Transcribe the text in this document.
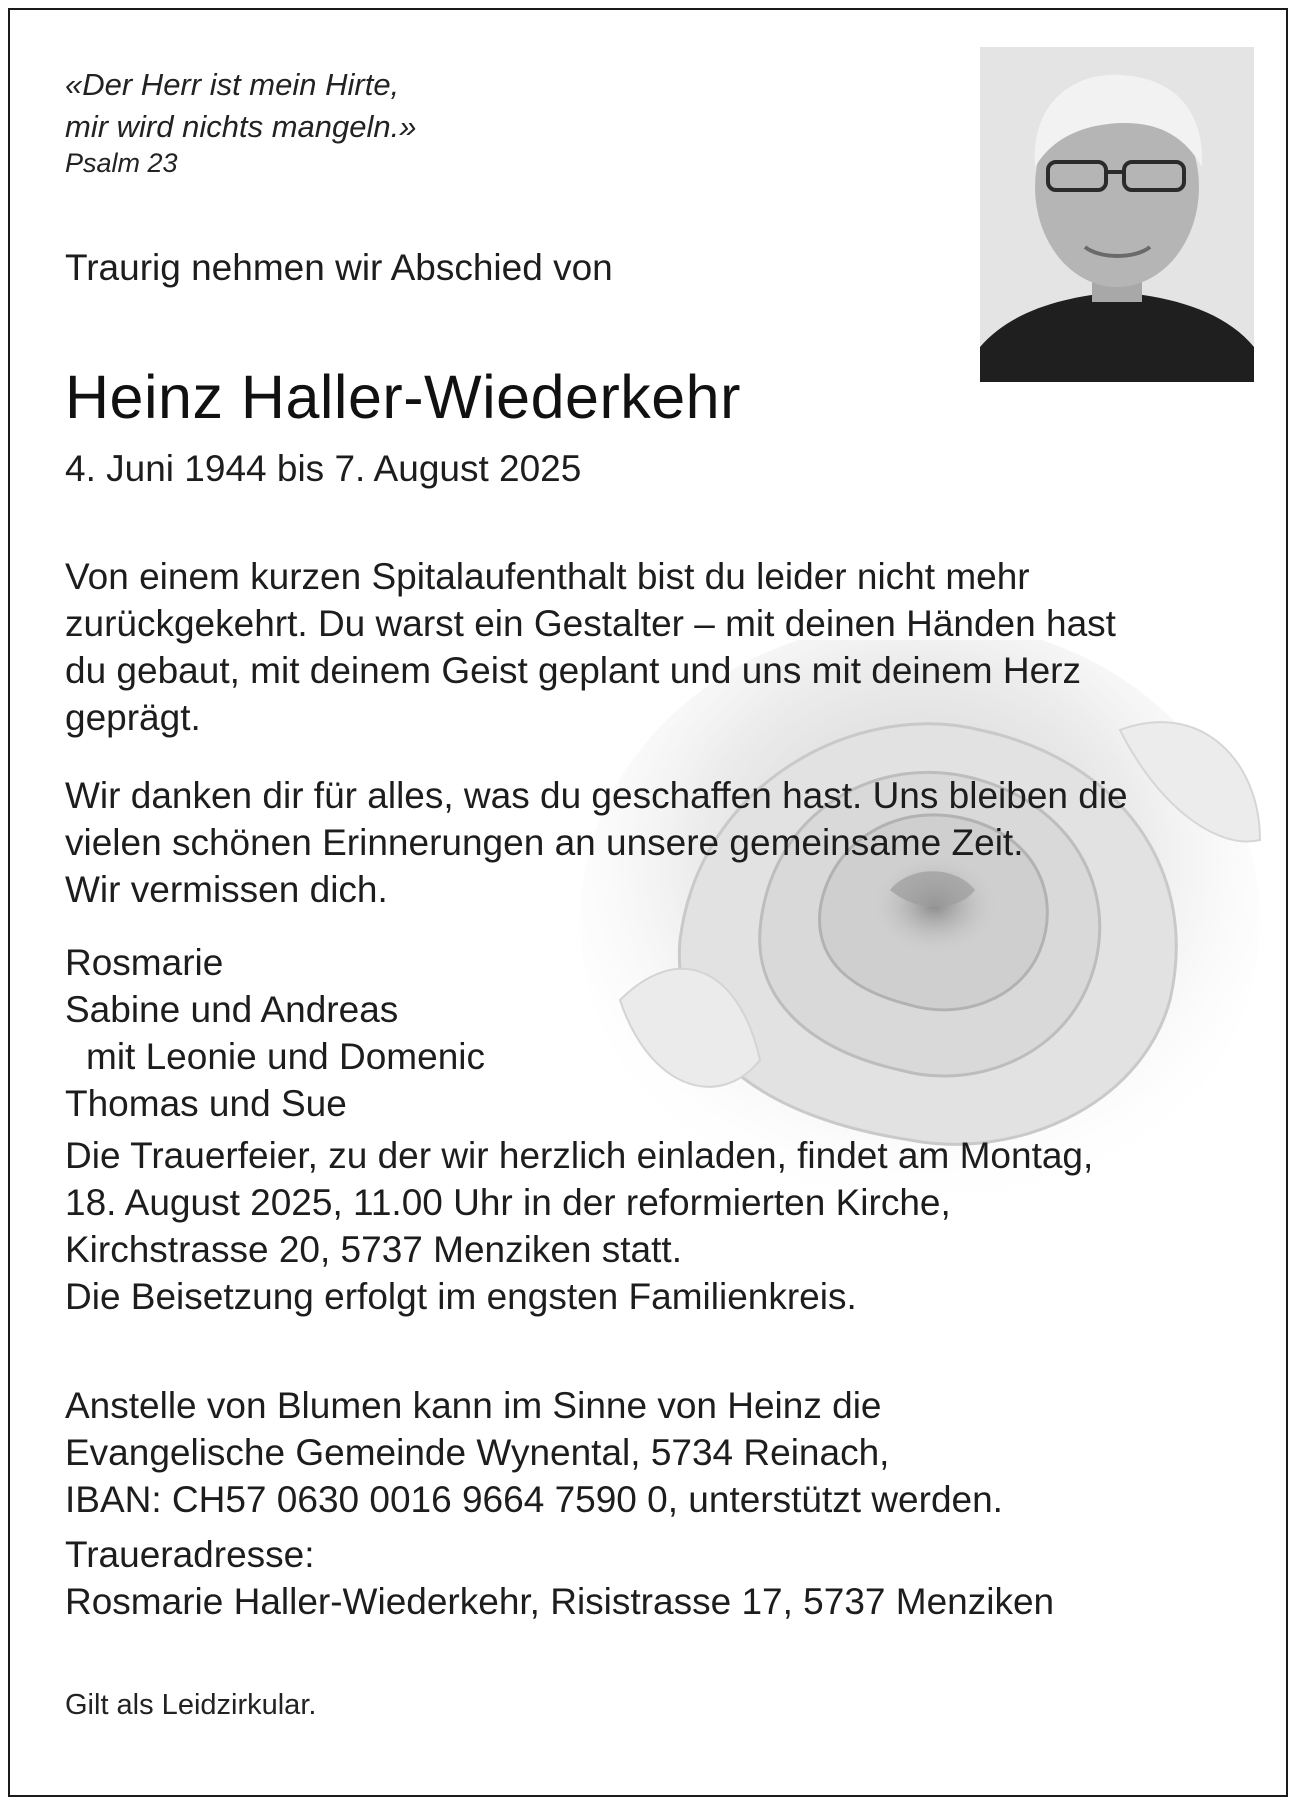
«Der Herr ist mein Hirte,
mir wird nichts mangeln.»

Psalm 23

Traurig nehmen wir Abschied von

Heinz Haller-Wiederkehr

4. Juni 1944 bis 7. August 2025

Von einem kurzen Spitalaufenthalt bist du leider nicht mehr
zurückgekehrt. Du warst ein Gestalter – mit deinen Händen hast
du gebaut, mit deinem Geist geplant und uns mit deinem Herz
geprägt.
Wir danken dir für alles, was du geschaffen hast. Uns bleiben die
vielen schönen Erinnerungen an unsere gemeinsame Zeit.
Wir vermissen dich.
Rosmarie
Sabine und Andreas
mit Leonie und Domenic
Thomas und Sue
Die Trauerfeier, zu der wir herzlich einladen, findet am Montag,
18. August 2025, 11.00 Uhr in der reformierten Kirche,
Kirchstrasse 20, 5737 Menziken statt.
Die Beisetzung erfolgt im engsten Familienkreis.
Anstelle von Blumen kann im Sinne von Heinz die
Evangelische Gemeinde Wynental, 5734 Reinach,
IBAN: CH57 0630 0016 9664 7590 0, unterstützt werden.
Traueradresse:
Rosmarie Haller-Wiederkehr, Risistrasse 17, 5737 Menziken

Gilt als Leidzirkular.
